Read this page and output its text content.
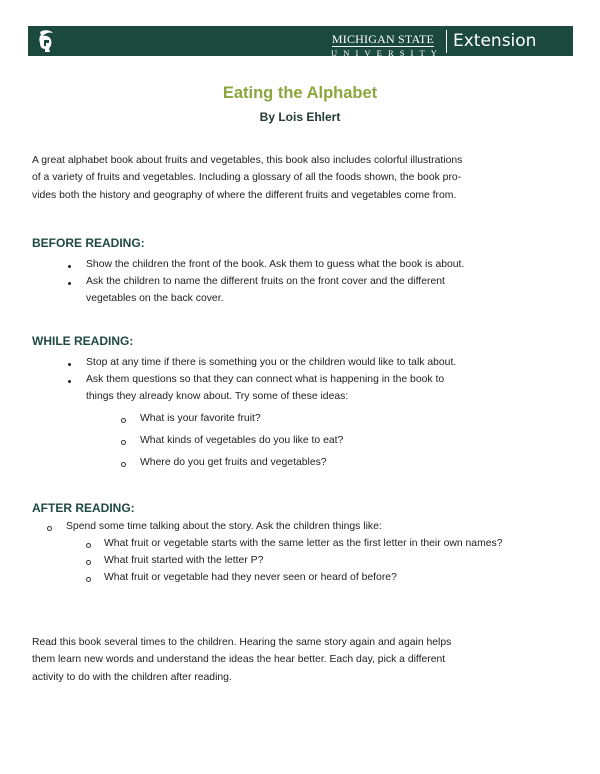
MICHIGAN STATE
UNIVERSITY
Extension
Eating the Alphabet
By Lois Ehlert
A great alphabet book about fruits and vegetables, this book also includes colorful illustrations
of a variety of fruits and vegetables. Including a glossary of all the foods shown, the book pro-
vides both the history and geography of where the different fruits and vegetables come from.
BEFORE READING:
Show the children the front of the book. Ask them to guess what the book is about.
Ask the children to name the different fruits on the front cover and the different
vegetables on the back cover.
WHILE READING:
Stop at any time if there is something you or the children would like to talk about.
Ask them questions so that they can connect what is happening in the book to
things they already know about. Try some of these ideas:
What is your favorite fruit?
What kinds of vegetables do you like to eat?
Where do you get fruits and vegetables?
AFTER READING:
Spend some time talking about the story. Ask the children things like:
What fruit or vegetable starts with the same letter as the first letter in their own names?
What fruit started with the letter P?
What fruit or vegetable had they never seen or heard of before?
Read this book several times to the children. Hearing the same story again and again helps
them learn new words and understand the ideas the hear better. Each day, pick a different
activity to do with the children after reading.
